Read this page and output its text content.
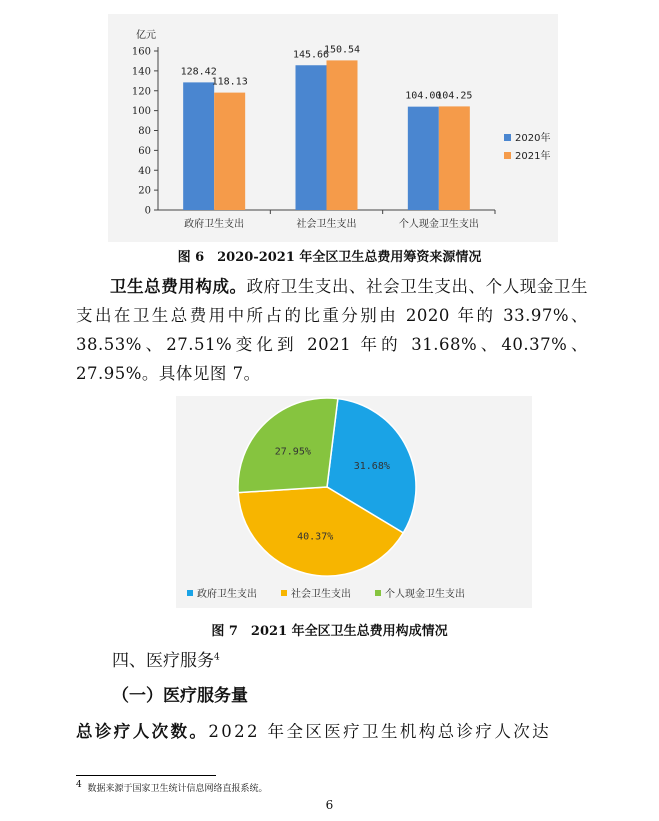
亿元
0
20
40
60
80
100
120
140
160
政府卫生支出	社会卫生支出	个人现金卫生支出
128.42
118.13
145.66
150.54
104.00
104.25
2020年
2021年
图 6　2020-2021 年全区卫生总费用筹资来源情况
卫生总费用构成。政府卫生支出、社会卫生支出、个人现金卫生支出在卫生总费用中所占的比重分别由 2020 年的 33.97%、38.53%、27.51%变化到 2021 年的 31.68%、40.37%、27.95%。具体见图 7。
31.68%
40.37%
27.95%
政府卫生支出	社会卫生支出	个人现金卫生支出
图 7　2021 年全区卫生总费用构成情况
四、医疗服务$^4$
（一）医疗服务量
总诊疗人次数。2022 年全区医疗卫生机构总诊疗人次达
$^4$ 数据来源于国家卫生统计信息网络直报系统。
6
